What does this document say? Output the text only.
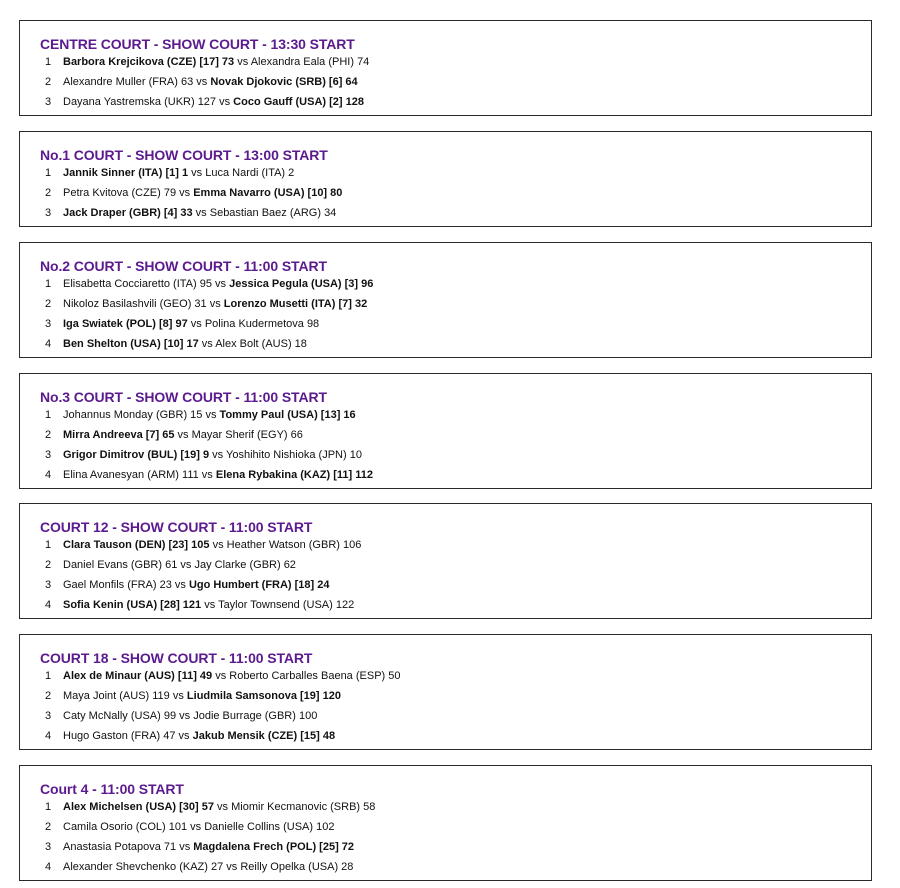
CENTRE COURT - SHOW COURT - 13:30 START
1	Barbora Krejcikova (CZE) [17] 73 vs Alexandra Eala (PHI) 74
2	Alexandre Muller (FRA) 63 vs Novak Djokovic (SRB) [6] 64
3	Dayana Yastremska (UKR) 127 vs Coco Gauff (USA) [2] 128
No.1 COURT - SHOW COURT - 13:00 START
1	Jannik Sinner (ITA) [1] 1 vs Luca Nardi (ITA) 2
2	Petra Kvitova (CZE) 79 vs Emma Navarro (USA) [10] 80
3	Jack Draper (GBR) [4] 33 vs Sebastian Baez (ARG) 34
No.2 COURT - SHOW COURT - 11:00 START
1	Elisabetta Cocciaretto (ITA) 95 vs Jessica Pegula (USA) [3] 96
2	Nikoloz Basilashvili (GEO) 31 vs Lorenzo Musetti (ITA) [7] 32
3	Iga Swiatek (POL) [8] 97 vs Polina Kudermetova 98
4	Ben Shelton (USA) [10] 17 vs Alex Bolt (AUS) 18
No.3 COURT - SHOW COURT - 11:00 START
1	Johannus Monday (GBR) 15 vs Tommy Paul (USA) [13] 16
2	Mirra Andreeva [7] 65 vs Mayar Sherif (EGY) 66
3	Grigor Dimitrov (BUL) [19] 9 vs Yoshihito Nishioka (JPN) 10
4	Elina Avanesyan (ARM) 111 vs Elena Rybakina (KAZ) [11] 112
COURT 12 - SHOW COURT - 11:00 START
1	Clara Tauson (DEN) [23] 105 vs Heather Watson (GBR) 106
2	Daniel Evans (GBR) 61 vs Jay Clarke (GBR) 62
3	Gael Monfils (FRA) 23 vs Ugo Humbert (FRA) [18] 24
4	Sofia Kenin (USA) [28] 121 vs Taylor Townsend (USA) 122
COURT 18 - SHOW COURT - 11:00 START
1	Alex de Minaur (AUS) [11] 49 vs Roberto Carballes Baena (ESP) 50
2	Maya Joint (AUS) 119 vs Liudmila Samsonova [19] 120
3	Caty McNally (USA) 99 vs Jodie Burrage (GBR) 100
4	Hugo Gaston (FRA) 47 vs Jakub Mensik (CZE) [15] 48
Court 4 - 11:00 START
1	Alex Michelsen (USA) [30] 57 vs Miomir Kecmanovic (SRB) 58
2	Camila Osorio (COL) 101 vs Danielle Collins (USA) 102
3	Anastasia Potapova 71 vs Magdalena Frech (POL) [25] 72
4	Alexander Shevchenko (KAZ) 27 vs Reilly Opelka (USA) 28
